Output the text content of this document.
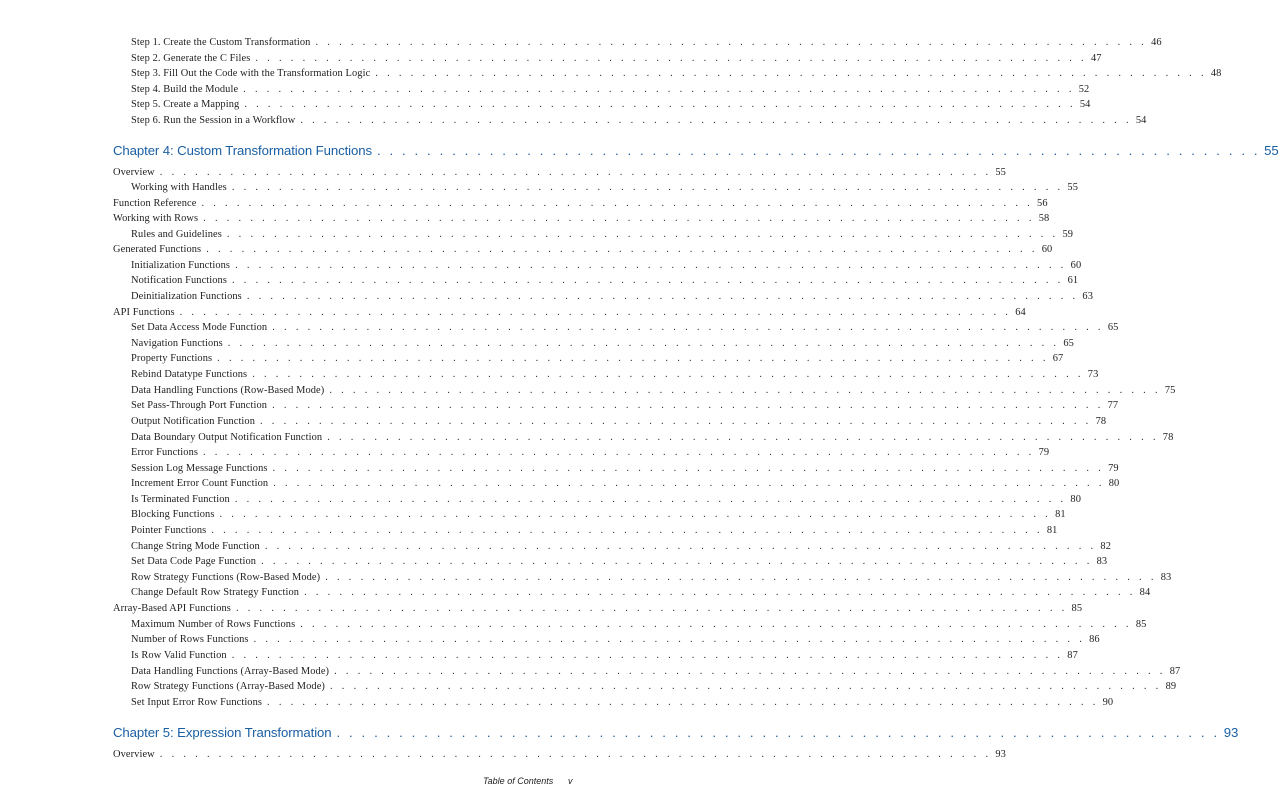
Step 1. Create the Custom Transformation . . . . . . . . . . . . . . . . . . . . . . . . . . . . . . . . . . . . . . . . . . . . . . . . . . . . . . . . . . . . . . . . . . . . . . . 46
Step 2. Generate the C Files . . . . . . . . . . . . . . . . . . . . . . . . . . . . . . . . . . . . . . . . . . . . . . . . . . . . . . . . . . . . . . . . . . . . . . . 47
Step 3. Fill Out the Code with the Transformation Logic . . . . . . . . . . . . . . . . . . . . . . . . . . . . . . . . . . . . . . . . . . . . . . . . . . . . . . . . . . . . . . . . . . . . . . . 48
Step 4. Build the Module . . . . . . . . . . . . . . . . . . . . . . . . . . . . . . . . . . . . . . . . . . . . . . . . . . . . . . . . . . . . . . . . . . . . . . . 52
Step 5. Create a Mapping . . . . . . . . . . . . . . . . . . . . . . . . . . . . . . . . . . . . . . . . . . . . . . . . . . . . . . . . . . . . . . . . . . . . . . . 54
Step 6. Run the Session in a Workflow . . . . . . . . . . . . . . . . . . . . . . . . . . . . . . . . . . . . . . . . . . . . . . . . . . . . . . . . . . . . . . . . . . . . . . . 54
Chapter 4: Custom Transformation Functions . . . . . . . . . . . . . . . . . . . . . . . . . . . . . . . . . . . . . . . . . . . . . . . . . . . . . . . . . . . . . . . . . . . . . . . 55
Overview . . . . . . . . . . . . . . . . . . . . . . . . . . . . . . . . . . . . . . . . . . . . . . . . . . . . . . . . . . . . . . . . . . . . . . . 55
Working with Handles . . . . . . . . . . . . . . . . . . . . . . . . . . . . . . . . . . . . . . . . . . . . . . . . . . . . . . . . . . . . . . . . . . . . . . . 55
Function Reference . . . . . . . . . . . . . . . . . . . . . . . . . . . . . . . . . . . . . . . . . . . . . . . . . . . . . . . . . . . . . . . . . . . . . . . 56
Working with Rows . . . . . . . . . . . . . . . . . . . . . . . . . . . . . . . . . . . . . . . . . . . . . . . . . . . . . . . . . . . . . . . . . . . . . . . 58
Rules and Guidelines . . . . . . . . . . . . . . . . . . . . . . . . . . . . . . . . . . . . . . . . . . . . . . . . . . . . . . . . . . . . . . . . . . . . . . . 59
Generated Functions . . . . . . . . . . . . . . . . . . . . . . . . . . . . . . . . . . . . . . . . . . . . . . . . . . . . . . . . . . . . . . . . . . . . . . . 60
Initialization Functions . . . . . . . . . . . . . . . . . . . . . . . . . . . . . . . . . . . . . . . . . . . . . . . . . . . . . . . . . . . . . . . . . . . . . . . 60
Notification Functions . . . . . . . . . . . . . . . . . . . . . . . . . . . . . . . . . . . . . . . . . . . . . . . . . . . . . . . . . . . . . . . . . . . . . . . 61
Deinitialization Functions . . . . . . . . . . . . . . . . . . . . . . . . . . . . . . . . . . . . . . . . . . . . . . . . . . . . . . . . . . . . . . . . . . . . . . . 63
API Functions . . . . . . . . . . . . . . . . . . . . . . . . . . . . . . . . . . . . . . . . . . . . . . . . . . . . . . . . . . . . . . . . . . . . . . . 64
Set Data Access Mode Function . . . . . . . . . . . . . . . . . . . . . . . . . . . . . . . . . . . . . . . . . . . . . . . . . . . . . . . . . . . . . . . . . . . . . . . 65
Navigation Functions . . . . . . . . . . . . . . . . . . . . . . . . . . . . . . . . . . . . . . . . . . . . . . . . . . . . . . . . . . . . . . . . . . . . . . . 65
Property Functions . . . . . . . . . . . . . . . . . . . . . . . . . . . . . . . . . . . . . . . . . . . . . . . . . . . . . . . . . . . . . . . . . . . . . . . 67
Rebind Datatype Functions . . . . . . . . . . . . . . . . . . . . . . . . . . . . . . . . . . . . . . . . . . . . . . . . . . . . . . . . . . . . . . . . . . . . . . . 73
Data Handling Functions (Row-Based Mode) . . . . . . . . . . . . . . . . . . . . . . . . . . . . . . . . . . . . . . . . . . . . . . . . . . . . . . . . . . . . . . . . . . . . . . . 75
Set Pass-Through Port Function . . . . . . . . . . . . . . . . . . . . . . . . . . . . . . . . . . . . . . . . . . . . . . . . . . . . . . . . . . . . . . . . . . . . . . . 77
Output Notification Function . . . . . . . . . . . . . . . . . . . . . . . . . . . . . . . . . . . . . . . . . . . . . . . . . . . . . . . . . . . . . . . . . . . . . . . 78
Data Boundary Output Notification Function . . . . . . . . . . . . . . . . . . . . . . . . . . . . . . . . . . . . . . . . . . . . . . . . . . . . . . . . . . . . . . . . . . . . . . . 78
Error Functions . . . . . . . . . . . . . . . . . . . . . . . . . . . . . . . . . . . . . . . . . . . . . . . . . . . . . . . . . . . . . . . . . . . . . . . 79
Session Log Message Functions . . . . . . . . . . . . . . . . . . . . . . . . . . . . . . . . . . . . . . . . . . . . . . . . . . . . . . . . . . . . . . . . . . . . . . . 79
Increment Error Count Function . . . . . . . . . . . . . . . . . . . . . . . . . . . . . . . . . . . . . . . . . . . . . . . . . . . . . . . . . . . . . . . . . . . . . . . 80
Is Terminated Function . . . . . . . . . . . . . . . . . . . . . . . . . . . . . . . . . . . . . . . . . . . . . . . . . . . . . . . . . . . . . . . . . . . . . . . 80
Blocking Functions . . . . . . . . . . . . . . . . . . . . . . . . . . . . . . . . . . . . . . . . . . . . . . . . . . . . . . . . . . . . . . . . . . . . . . . 81
Pointer Functions . . . . . . . . . . . . . . . . . . . . . . . . . . . . . . . . . . . . . . . . . . . . . . . . . . . . . . . . . . . . . . . . . . . . . . . 81
Change String Mode Function . . . . . . . . . . . . . . . . . . . . . . . . . . . . . . . . . . . . . . . . . . . . . . . . . . . . . . . . . . . . . . . . . . . . . . . 82
Set Data Code Page Function . . . . . . . . . . . . . . . . . . . . . . . . . . . . . . . . . . . . . . . . . . . . . . . . . . . . . . . . . . . . . . . . . . . . . . . 83
Row Strategy Functions (Row-Based Mode) . . . . . . . . . . . . . . . . . . . . . . . . . . . . . . . . . . . . . . . . . . . . . . . . . . . . . . . . . . . . . . . . . . . . . . . 83
Change Default Row Strategy Function . . . . . . . . . . . . . . . . . . . . . . . . . . . . . . . . . . . . . . . . . . . . . . . . . . . . . . . . . . . . . . . . . . . . . . . 84
Array-Based API Functions . . . . . . . . . . . . . . . . . . . . . . . . . . . . . . . . . . . . . . . . . . . . . . . . . . . . . . . . . . . . . . . . . . . . . . . 85
Maximum Number of Rows Functions . . . . . . . . . . . . . . . . . . . . . . . . . . . . . . . . . . . . . . . . . . . . . . . . . . . . . . . . . . . . . . . . . . . . . . . 85
Number of Rows Functions . . . . . . . . . . . . . . . . . . . . . . . . . . . . . . . . . . . . . . . . . . . . . . . . . . . . . . . . . . . . . . . . . . . . . . . 86
Is Row Valid Function . . . . . . . . . . . . . . . . . . . . . . . . . . . . . . . . . . . . . . . . . . . . . . . . . . . . . . . . . . . . . . . . . . . . . . . 87
Data Handling Functions (Array-Based Mode) . . . . . . . . . . . . . . . . . . . . . . . . . . . . . . . . . . . . . . . . . . . . . . . . . . . . . . . . . . . . . . . . . . . . . . . 87
Row Strategy Functions (Array-Based Mode) . . . . . . . . . . . . . . . . . . . . . . . . . . . . . . . . . . . . . . . . . . . . . . . . . . . . . . . . . . . . . . . . . . . . . . . 89
Set Input Error Row Functions . . . . . . . . . . . . . . . . . . . . . . . . . . . . . . . . . . . . . . . . . . . . . . . . . . . . . . . . . . . . . . . . . . . . . . . 90
Chapter 5: Expression Transformation . . . . . . . . . . . . . . . . . . . . . . . . . . . . . . . . . . . . . . . . . . . . . . . . . . . . . . . . . . . . . . . . . . . . . . . 93
Overview . . . . . . . . . . . . . . . . . . . . . . . . . . . . . . . . . . . . . . . . . . . . . . . . . . . . . . . . . . . . . . . . . . . . . . . 93
Table of Contents v
